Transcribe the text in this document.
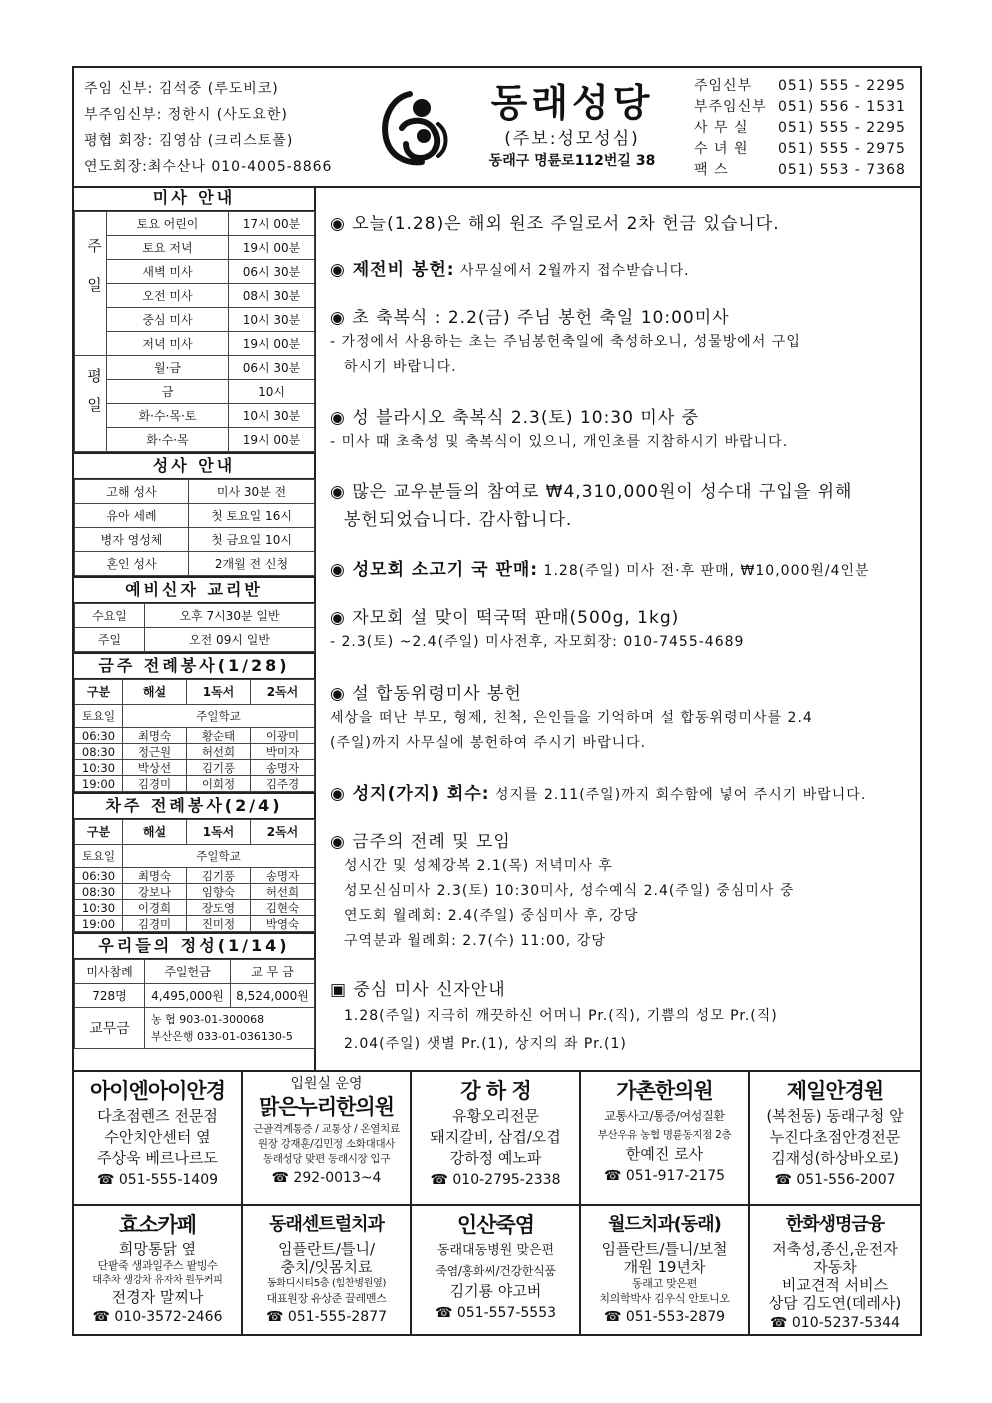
주임 신부: 김석중 (루도비코)
부주임신부: 정한시 (사도요한)
평협 회장: 김영삼 (크리스토폴)
연도회장:최수산나 010-4005-8866
동래성당
(주보:성모성심)
동래구 명륜로112번길 38
주임신부	051) 555 - 2295
부주임신부 051) 556 - 1531
사 무 실	051) 555 - 2295
수 녀 원	051) 555 - 2975
팩 스	051) 553 - 7368
미사 안내
주일	토요 어린이	17시 00분
	토요 저녁	19시 00분
	새벽 미사	06시 30분
	오전 미사	08시 30분
	중심 미사	10시 30분
	저녁 미사	19시 00분
평일	월·금	06시 30분
	금	10시
	화·수·목·토	10시 30분
	화·수·목	19시 00분
성사 안내
고해 성사	미사 30분 전
유아 세례	첫 토요일 16시
병자 영성체	첫 금요일 10시
혼인 성사	2개월 전 신청
예비신자 교리반
수요일	오후 7시30분 일반
주일	오전 09시 일반
금주 전례봉사(1/28)
구분	해설	1독서	2독서
토요일	주일학교		
06:30	최명숙	황순태	이광미
08:30	정근원	허선희	박미자
10:30	박상선	김기풍	송명자
19:00	김경미	이희정	김주경
차주 전례봉사(2/4)
구분	해설	1독서	2독서
토요일	주일학교		
06:30	최명숙	김기풍	송명자
08:30	강보나	임향숙	허선희
10:30	이경희	장도영	김현숙
19:00	김경미	진미정	박영숙
우리들의 정성(1/14)
미사참례	주일헌금	교 무 금
728명	4,495,000원	8,524,000원
교무금	농 협 903-01-300068
부산은행 033-01-036130-5	
◉ 오늘(1.28)은 해외 원조 주일로서 2차 헌금 있습니다.
◉ 제전비 봉헌: 사무실에서 2월까지 접수받습니다.
◉ 초 축복식 : 2.2(금) 주님 봉헌 축일 10:00미사
- 가정에서 사용하는 초는 주님봉헌축일에 축성하오니, 성물방에서 구입
하시기 바랍니다.
◉ 성 블라시오 축복식 2.3(토) 10:30 미사 중
- 미사 때 초축성 및 축복식이 있으니, 개인초를 지참하시기 바랍니다.
◉ 많은 교우분들의 참여로 ₩4,310,000원이 성수대 구입을 위해
봉헌되었습니다. 감사합니다.
◉ 성모회 소고기 국 판매: 1.28(주일) 미사 전·후 판매, ₩10,000원/4인분
◉ 자모회 설 맞이 떡국떡 판매(500g, 1kg)
- 2.3(토) ~2.4(주일) 미사전후, 자모회장: 010-7455-4689
◉ 설 합동위령미사 봉헌
세상을 떠난 부모, 형제, 친척, 은인들을 기억하며 설 합동위령미사를 2.4
(주일)까지 사무실에 봉헌하여 주시기 바랍니다.
◉ 성지(가지) 회수: 성지를 2.11(주일)까지 회수함에 넣어 주시기 바랍니다.
◉ 금주의 전례 및 모임
성시간 및 성체강복 2.1(목) 저녁미사 후
성모신심미사 2.3(토) 10:30미사, 성수예식 2.4(주일) 중심미사 중
연도회 월례회: 2.4(주일) 중심미사 후, 강당
구역분과 월례회: 2.7(수) 11:00, 강당
▣ 중심 미사 신자안내
1.28(주일) 지극히 깨끗하신 어머니 Pr.(직), 기쁨의 성모 Pr.(직)
2.04(주일) 샛별 Pr.(1), 상지의 좌 Pr.(1)
아이엔아이안경
다초점렌즈 전문점
수안치안센터 옆
주상욱 베르나르도
☎ 051-555-1409
입원실 운영
맑은누리한의원
근골격계통증 / 교통상 / 온열치료
원장 강재훈/김민정 소화대대사
동래성당 맞편 동래시장 입구
☎ 292-0013~4
강 하 정
유황오리전문
돼지갈비, 삼겹/오겹
강하정 예노파
☎ 010-2795-2338
가촌한의원
교통사고/통증/여성질환
부산우유 농협 명륜동지점 2층
한예진 로사
☎ 051-917-2175
제일안경원
(복천동) 동래구청 앞
누진다초점안경전문
김재성(하상바오로)
☎ 051-556-2007
효소카페
희망통닭 옆
단팥죽 생과일주스 팥빙수
대추차 생강차 유자차 원두커피
전경자 말찌나
☎ 010-3572-2466
동래센트럴치과
임플란트/틀니/
충치/잇몸치료
동화디시티5층 (힘찬병원옆)
대표원장 유상준 끌레멘스
☎ 051-555-2877
인산죽염
동래대동병원 맞은편
죽염/홍화씨/건강한식품
김기룡 야고버
☎ 051-557-5553
월드치과(동래)
임플란트/틀니/보철
개원 19년차
동래고 맞은편
치의학박사 김우식 안토니오
☎ 051-553-2879
한화생명금융
저축성,종신,운전자
자동차
비교견적 서비스
상담 김도연(데레사)
☎ 010-5237-5344
